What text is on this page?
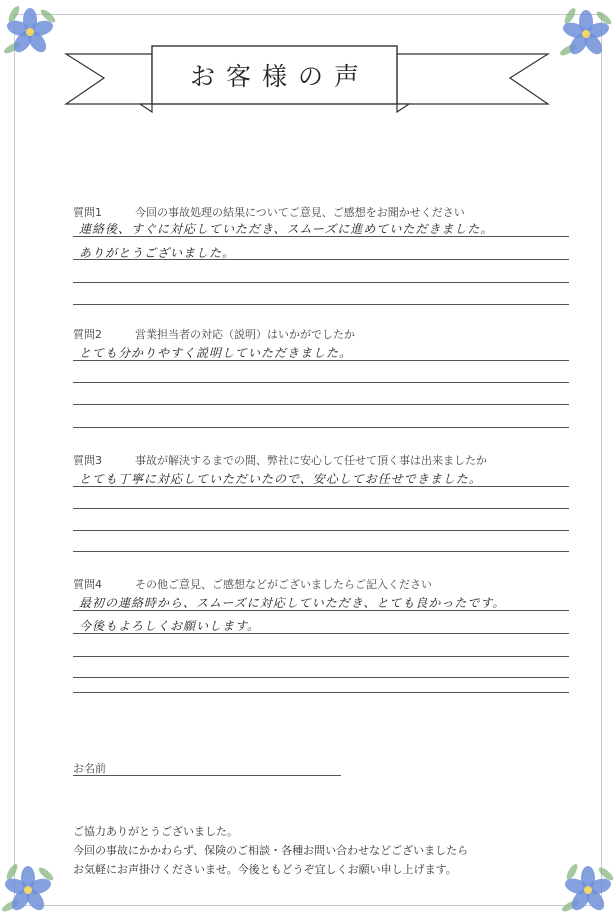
お客様の声
質問1	今回の事故処理の結果についてご意見、ご感想をお聞かせください
連絡後、すぐに対応していただき、スムーズに進めていただきました。
ありがとうございました。
質問2	営業担当者の対応（説明）はいかがでしたか
とても分かりやすく説明していただきました。
質問3	事故が解決するまでの間、弊社に安心して任せて頂く事は出来ましたか
とても丁寧に対応していただいたので、安心してお任せできました。
質問4	その他ご意見、ご感想などがございましたらご記入ください
最初の連絡時から、スムーズに対応していただき、とても良かったです。
今後もよろしくお願いします。
お名前
ご協力ありがとうございました。
今回の事故にかかわらず、保険のご相談・各種お問い合わせなどございましたら
お気軽にお声掛けくださいませ。今後ともどうぞ宜しくお願い申し上げます。
